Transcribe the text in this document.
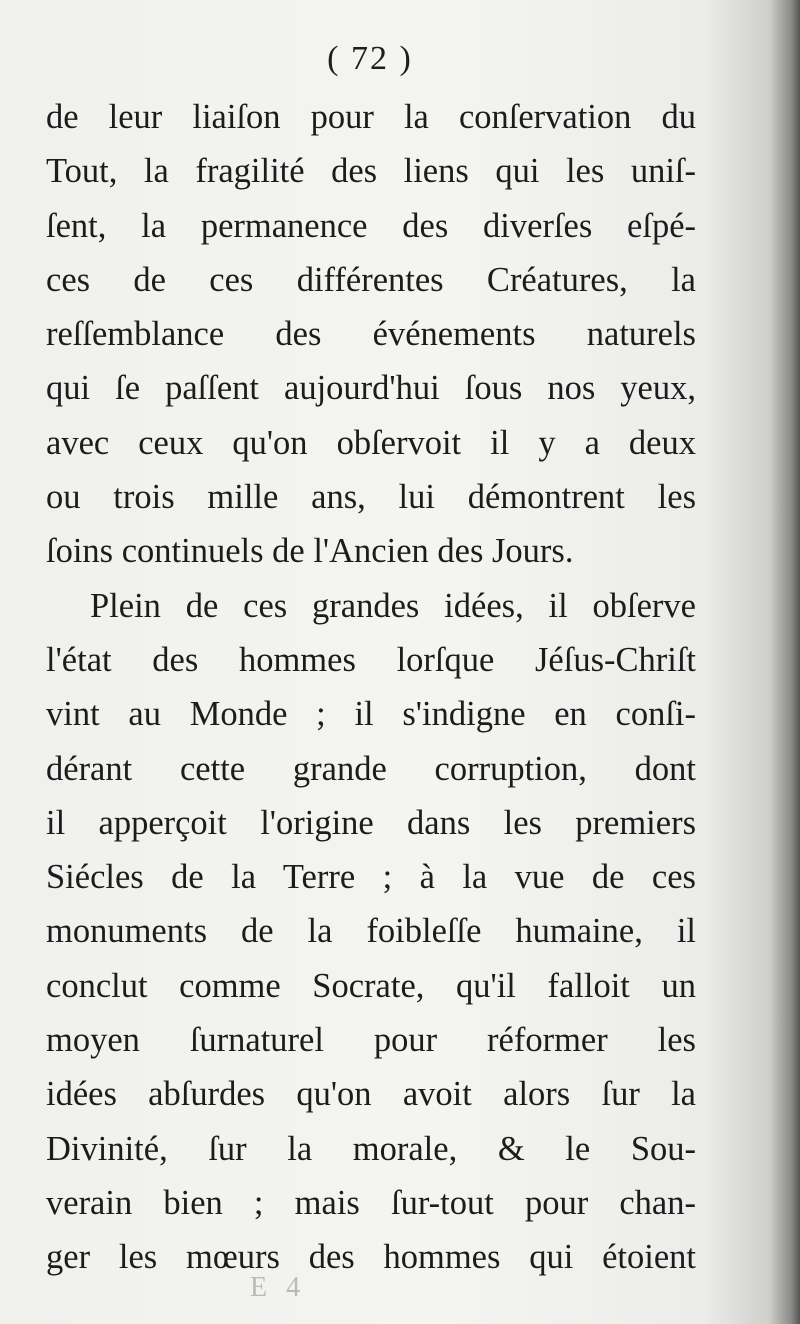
( 72 )
de leur liaiſon pour la conſervation du
Tout, la fragilité des liens qui les uniſ-
ſent, la permanence des diverſes eſpé-
ces de ces différentes Créatures, la
reſſemblance des événements naturels
qui ſe paſſent aujourd'hui ſous nos yeux,
avec ceux qu'on obſervoit il y a deux
ou trois mille ans, lui démontrent les
ſoins continuels de l'Ancien des Jours.
Plein de ces grandes idées, il obſerve
l'état des hommes lorſque Jéſus-Chriſt
vint au Monde ; il s'indigne en conſi-
dérant cette grande corruption, dont
il apperçoit l'origine dans les premiers
Siécles de la Terre ; à la vue de ces
monuments de la foibleſſe humaine, il
conclut comme Socrate, qu'il falloit un
moyen ſurnaturel pour réformer les
idées abſurdes qu'on avoit alors ſur la
Divinité, ſur la morale, & le Sou-
verain bien ; mais ſur-tout pour chan-
ger les mœurs des hommes qui étoient
E 4
